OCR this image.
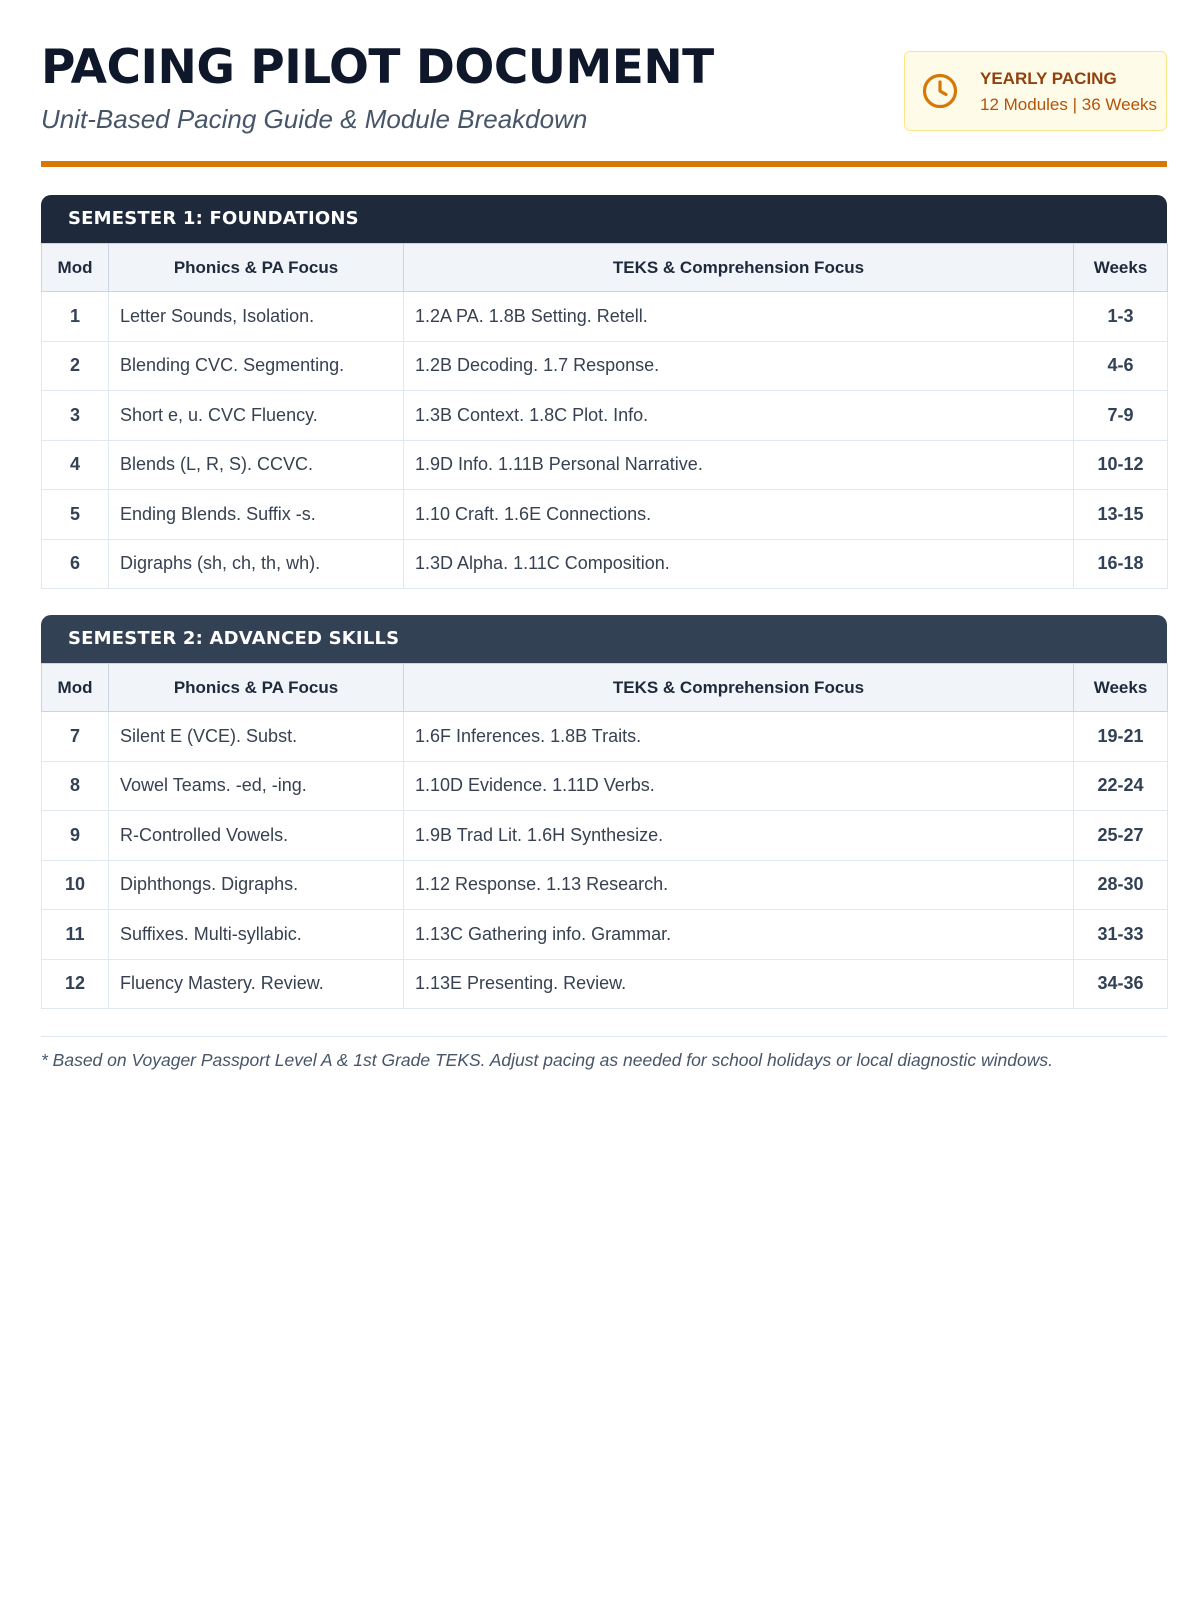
PACING PILOT DOCUMENT
Unit-Based Pacing Guide & Module Breakdown
YEARLY PACING
12 Modules | 36 Weeks
SEMESTER 1: FOUNDATIONS
Mod	Phonics & PA Focus	TEKS & Comprehension Focus	Weeks
1	Letter Sounds, Isolation.	1.2A PA. 1.8B Setting. Retell.	1-3
2	Blending CVC. Segmenting.	1.2B Decoding. 1.7 Response.	4-6
3	Short e, u. CVC Fluency.	1.3B Context. 1.8C Plot. Info.	7-9
4	Blends (L, R, S). CCVC.	1.9D Info. 1.11B Personal Narrative.	10-12
5	Ending Blends. Suffix -s.	1.10 Craft. 1.6E Connections.	13-15
6	Digraphs (sh, ch, th, wh).	1.3D Alpha. 1.11C Composition.	16-18
SEMESTER 2: ADVANCED SKILLS
Mod	Phonics & PA Focus	TEKS & Comprehension Focus	Weeks
7	Silent E (VCE). Subst.	1.6F Inferences. 1.8B Traits.	19-21
8	Vowel Teams. -ed, -ing.	1.10D Evidence. 1.11D Verbs.	22-24
9	R-Controlled Vowels.	1.9B Trad Lit. 1.6H Synthesize.	25-27
10	Diphthongs. Digraphs.	1.12 Response. 1.13 Research.	28-30
11	Suffixes. Multi-syllabic.	1.13C Gathering info. Grammar.	31-33
12	Fluency Mastery. Review.	1.13E Presenting. Review.	34-36

* Based on Voyager Passport Level A & 1st Grade TEKS. Adjust pacing as needed for school holidays or local diagnostic windows.
